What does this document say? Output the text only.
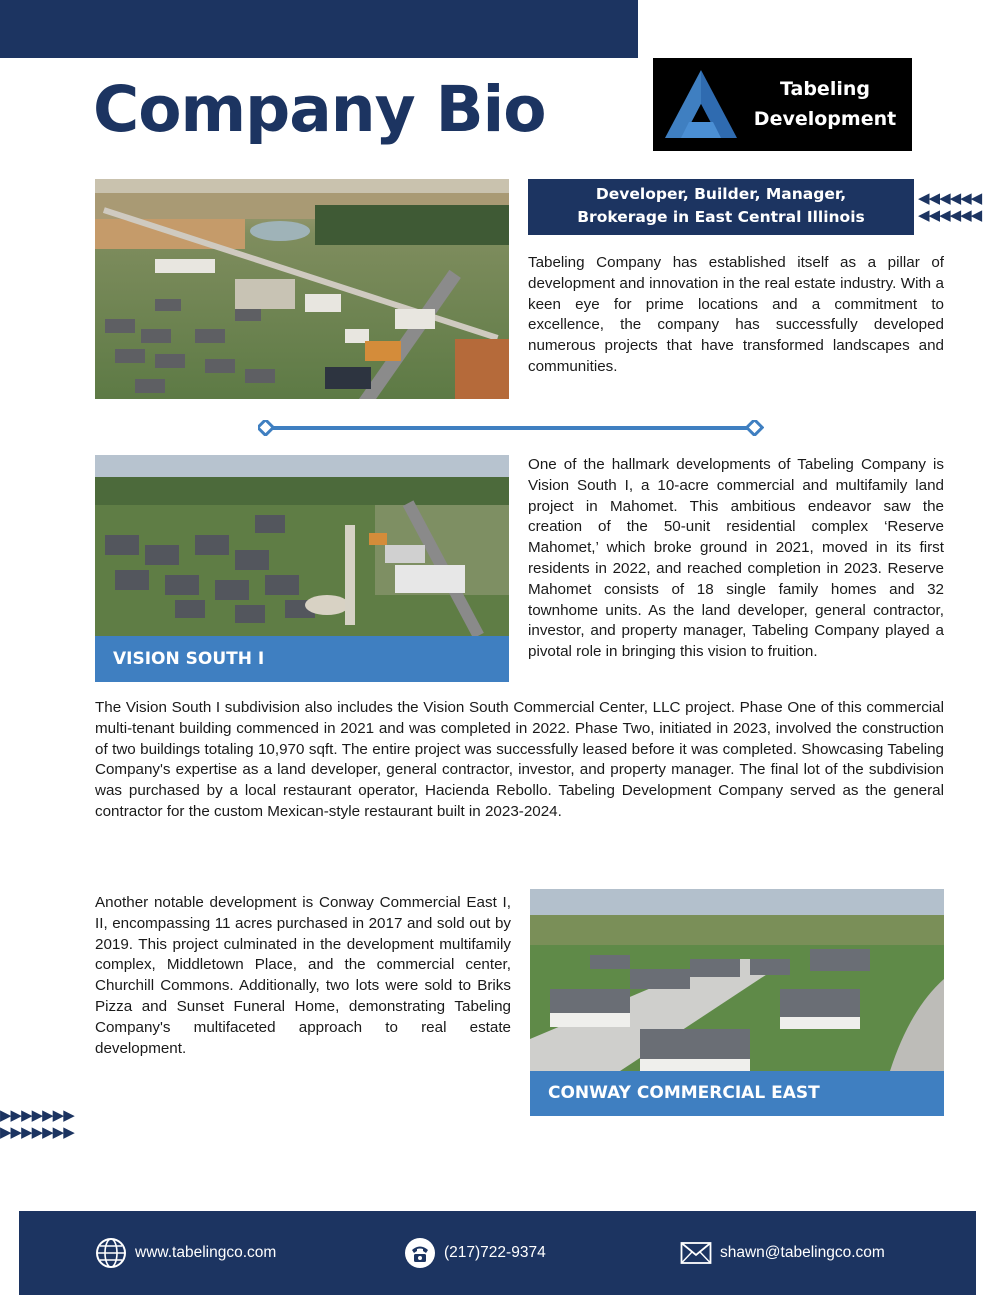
Company Bio	Tabeling
Development
Developer, Builder, Manager,
Brokerage in East Central Illinois
◀◀◀◀◀◀
◀◀◀◀◀◀

Tabeling Company has established itself as a pillar of development and innovation in the real estate industry. With a keen eye for prime locations and a commitment to excellence, the company has successfully developed numerous projects that have transformed landscapes and communities.

VISION SOUTH I

One of the hallmark developments of Tabeling Company is Vision South I, a 10-acre commercial and multifamily land project in Mahomet. This ambitious endeavor saw the creation of the 50-unit residential complex ‘Reserve Mahomet,’ which broke ground in 2021, moved in its first residents in 2022, and reached completion in 2023. Reserve Mahomet consists of 18 single family homes and 32 townhome units. As the land developer, general contractor, investor, and property manager, Tabeling Company played a pivotal role in bringing this vision to fruition.

The Vision South I subdivision also includes the Vision South Commercial Center, LLC project. Phase One of this commercial multi-tenant building commenced in 2021 and was completed in 2022. Phase Two, initiated in 2023, involved the construction of two buildings totaling 10,970 sqft. The entire project was successfully leased before it was completed. Showcasing Tabeling Company's expertise as a land developer, general contractor, investor, and property manager. The final lot of the subdivision was purchased by a local restaurant operator, Hacienda Rebollo. Tabeling Development Company served as the general contractor for the custom Mexican-style restaurant built in 2023-2024.

Another notable development is Conway Commercial East I, II, encompassing 11 acres purchased in 2017 and sold out by 2019. This project culminated in the development multifamily complex, Middletown Place, and the commercial center, Churchill Commons. Additionally, two lots were sold to Briks Pizza and Sunset Funeral Home, demonstrating Tabeling Company's multifaceted approach to real estate development.

CONWAY COMMERCIAL EAST
▶▶▶▶▶▶▶
▶▶▶▶▶▶▶
www.tabelingco.com	(217)722-9374	shawn@tabelingco.com
